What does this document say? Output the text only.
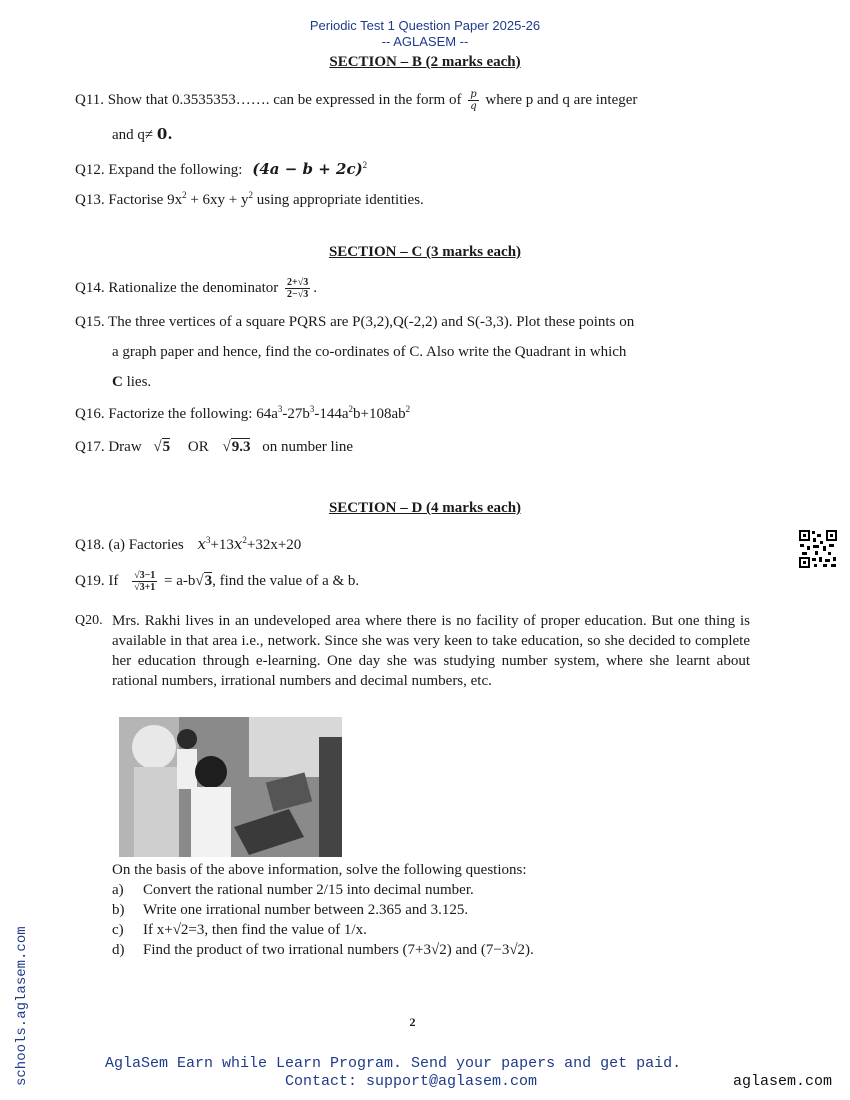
Periodic Test 1 Question Paper 2025-26
-- AGLASEM --
SECTION – B (2 marks each)
Q11. Show that 0.3535353……. can be expressed in the form of $\frac{p}{q}$ where p and q are integer
and q≠ 0.
Q12. Expand the following: $(4a - b + 2c)^2$
Q13. Factorise $9x^2 + 6xy + y^2$ using appropriate identities.
SECTION – C (3 marks each)
Q14. Rationalize the denominator $\frac{2+√3}{2-√3}$ .
Q15. The three vertices of a square PQRS are P(3,2),Q(-2,2) and S(-3,3). Plot these points on
a graph paper and hence, find the co-ordinates of C. Also write the Quadrant in which
C lies.
Q16. Factorize the following: $64a^3-27b^3-144a^2b+108ab^2$
Q17. Draw √5 OR √9.3 on number line
SECTION – D (4 marks each)
Q18. (a) Factories $x^3+13x^2+32x+20$
Q19. If $\frac{√3-1}{√3+1} = a-b√3$, find the value of a & b.
Q20. Mrs. Rakhi lives in an undeveloped area where there is no facility of proper education. But one thing is available in that area i.e., network. Since she was very keen to take education, so she decided to complete her education through e-learning. One day she was studying number system, where she learnt about rational numbers, irrational numbers and decimal numbers, etc.
On the basis of the above information, solve the following questions:
a) Convert the rational number 2/15 into decimal number.
b) Write one irrational number between 2.365 and 3.125.
c) If x+√2=3, then find the value of 1/x.
d) Find the product of two irrational numbers (7+3√2) and (7−3√2).
2
AglaSem Earn while Learn Program. Send your papers and get paid.
Contact: support@aglasem.com	aglasem.com
schools.aglasem.com
